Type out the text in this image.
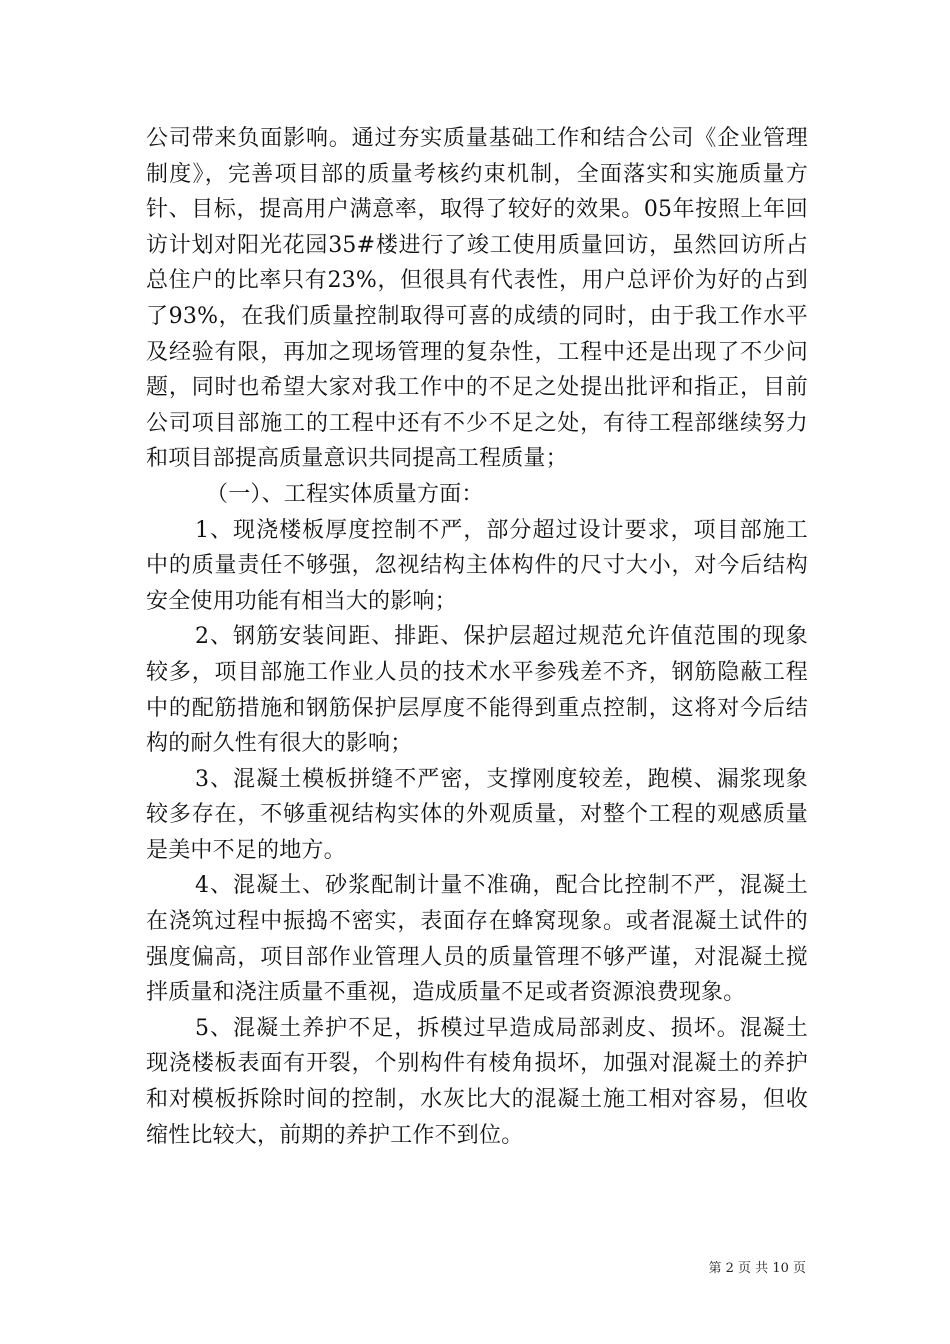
公司带来负面影响。通过夯实质量基础工作和结合公司《企业管理制度》，完善项目部的质量考核约束机制，全面落实和实施质量方针、目标，提高用户满意率，取得了较好的效果。05年按照上年回访计划对阳光花园35#楼进行了竣工使用质量回访，虽然回访所占总住户的比率只有23%，但很具有代表性，用户总评价为好的占到了93%，在我们质量控制取得可喜的成绩的同时，由于我工作水平及经验有限，再加之现场管理的复杂性，工程中还是出现了不少问题，同时也希望大家对我工作中的不足之处提出批评和指正，目前公司项目部施工的工程中还有不少不足之处，有待工程部继续努力和项目部提高质量意识共同提高工程质量；

（一）、工程实体质量方面：

1、现浇楼板厚度控制不严，部分超过设计要求，项目部施工中的质量责任不够强，忽视结构主体构件的尺寸大小，对今后结构安全使用功能有相当大的影响；

2、钢筋安装间距、排距、保护层超过规范允许值范围的现象较多，项目部施工作业人员的技术水平参残差不齐，钢筋隐蔽工程中的配筋措施和钢筋保护层厚度不能得到重点控制，这将对今后结构的耐久性有很大的影响；

3、混凝土模板拼缝不严密，支撑刚度较差，跑模、漏浆现象较多存在，不够重视结构实体的外观质量，对整个工程的观感质量是美中不足的地方。

4、混凝土、砂浆配制计量不准确，配合比控制不严，混凝土在浇筑过程中振捣不密实，表面存在蜂窝现象。或者混凝土试件的强度偏高，项目部作业管理人员的质量管理不够严谨，对混凝土搅拌质量和浇注质量不重视，造成质量不足或者资源浪费现象。

5、混凝土养护不足，拆模过早造成局部剥皮、损坏。混凝土现浇楼板表面有开裂，个别构件有棱角损坏，加强对混凝土的养护和对模板拆除时间的控制，水灰比大的混凝土施工相对容易，但收缩性比较大，前期的养护工作不到位。

第 2 页 共 10 页
